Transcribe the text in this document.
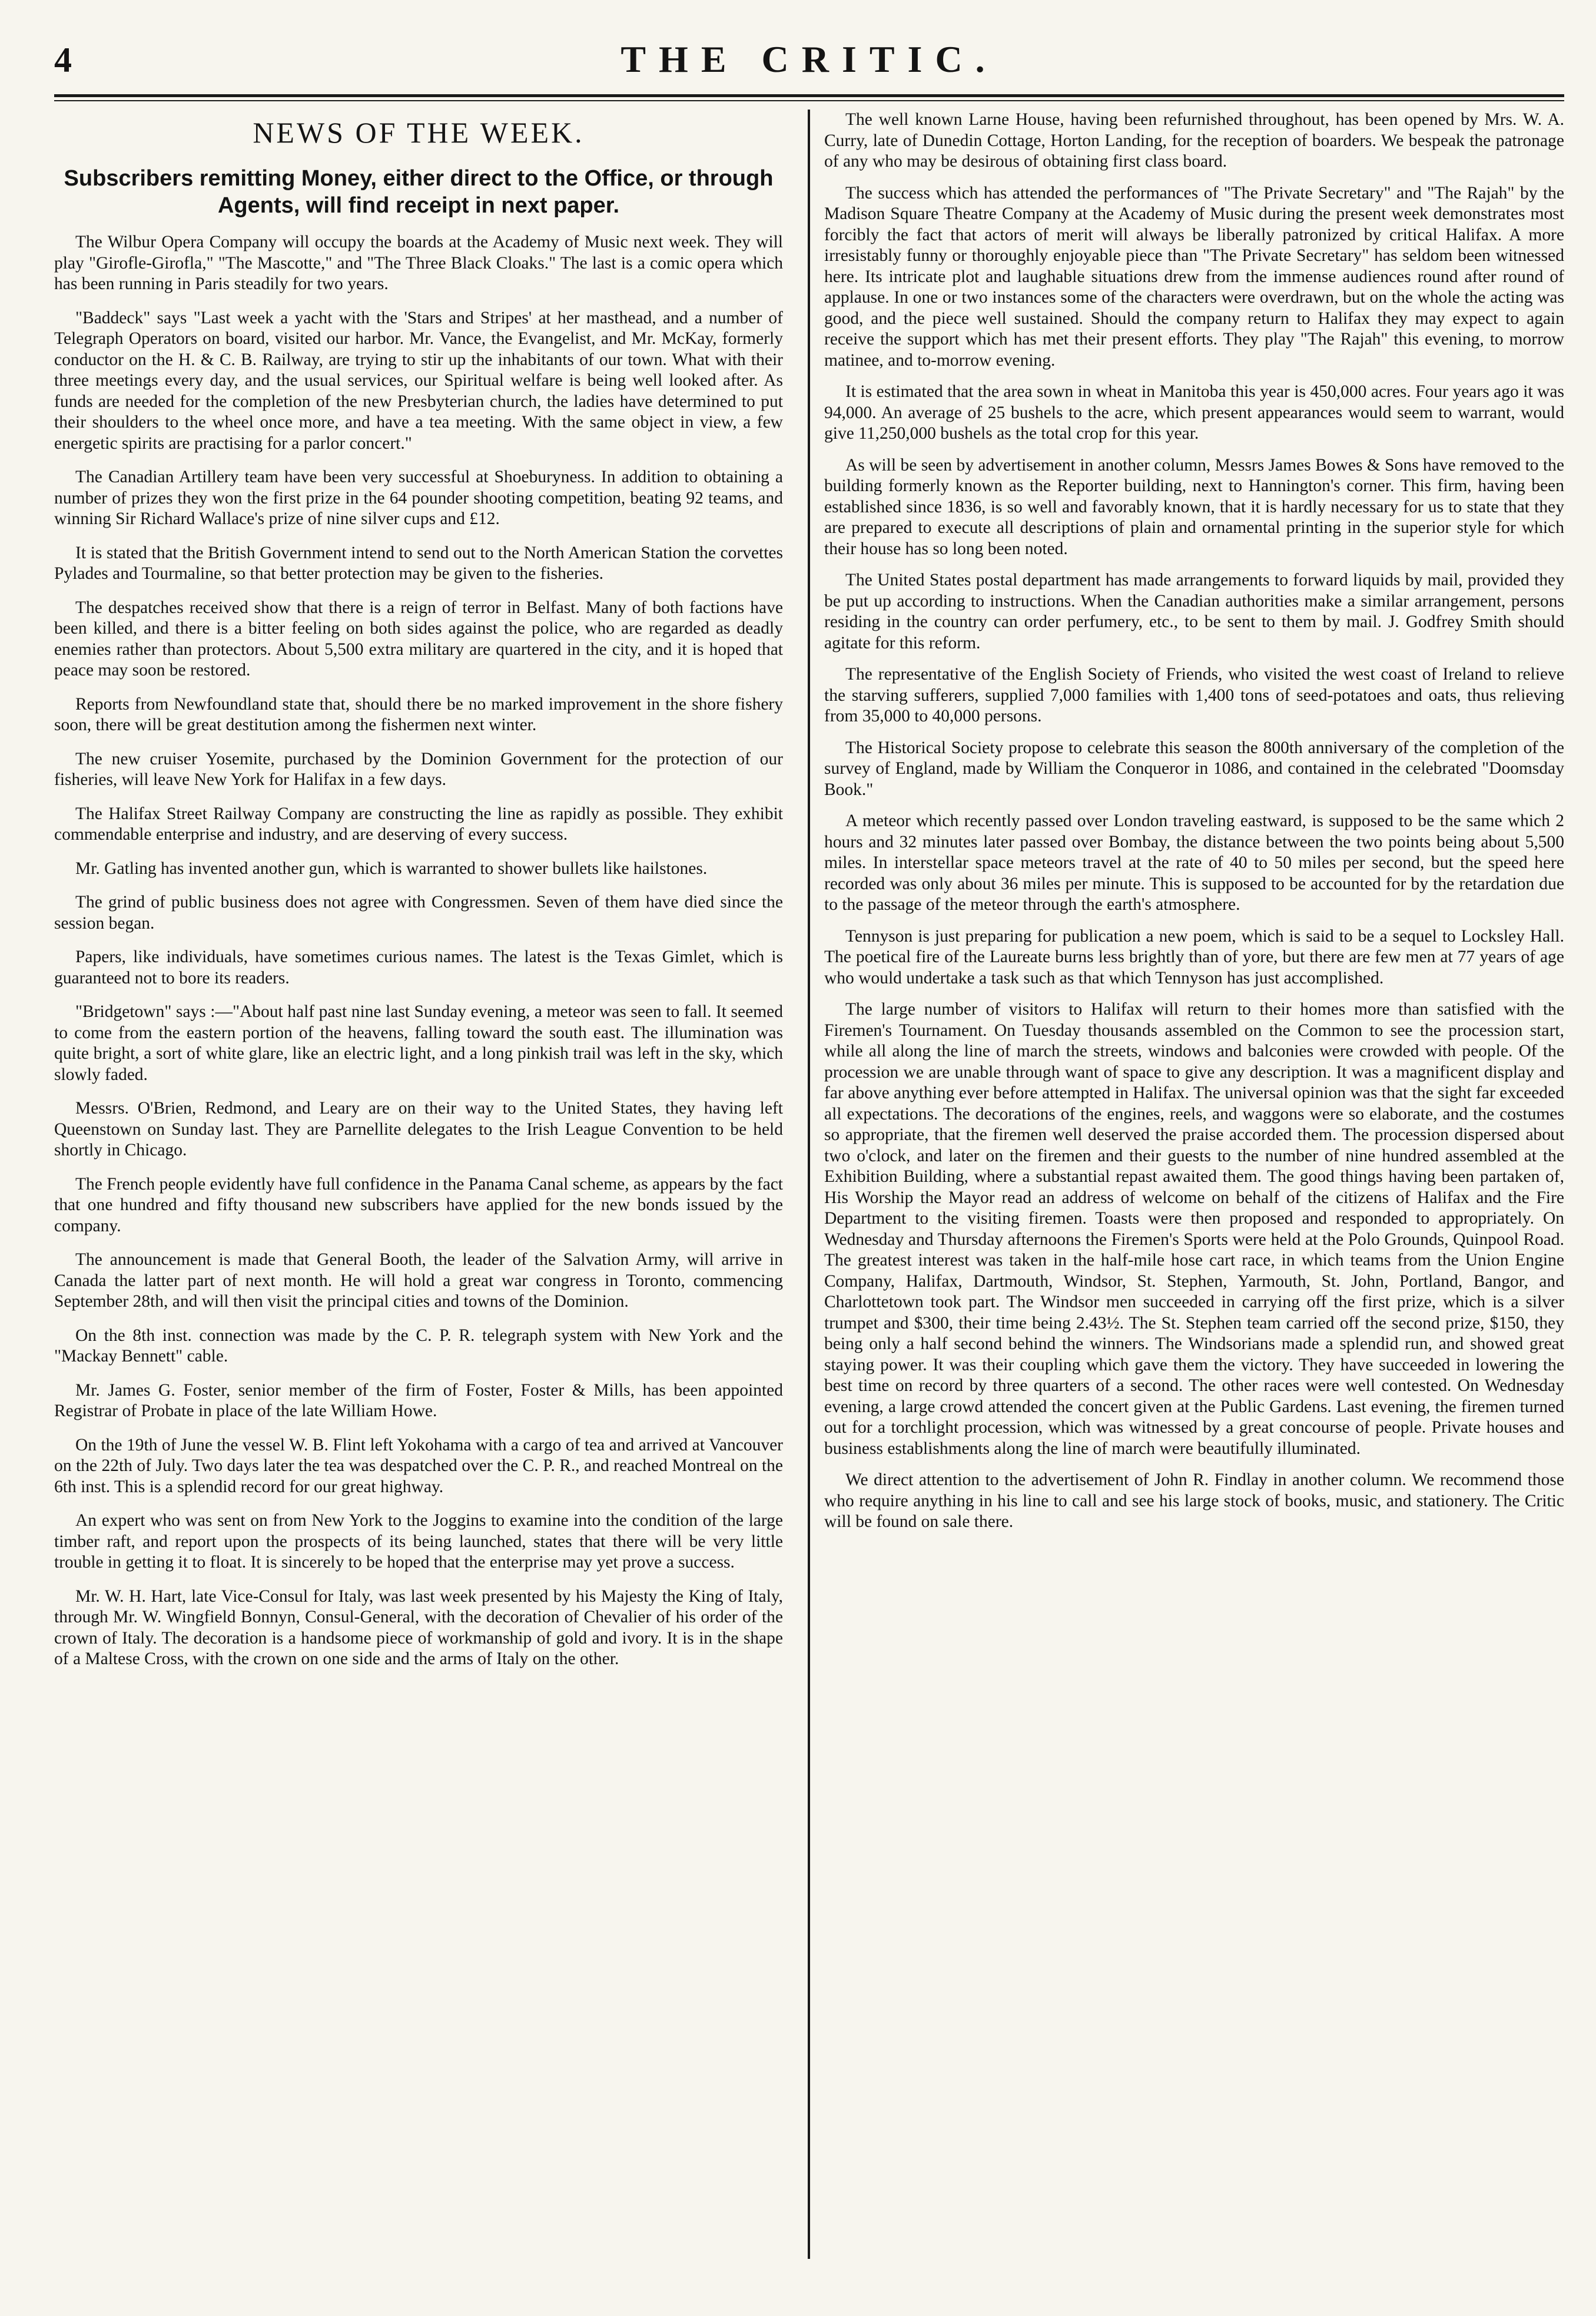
4	THE CRITIC.
NEWS OF THE WEEK.

Subscribers remitting Money, either direct to the Office, or through Agents, will find receipt in next paper.

The Wilbur Opera Company will occupy the boards at the Academy of Music next week. They will play "Girofle-Girofla," "The Mascotte," and "The Three Black Cloaks." The last is a comic opera which has been running in Paris steadily for two years.

"Baddeck" says "Last week a yacht with the 'Stars and Stripes' at her masthead, and a number of Telegraph Operators on board, visited our harbor. Mr. Vance, the Evangelist, and Mr. McKay, formerly conductor on the H. & C. B. Railway, are trying to stir up the inhabitants of our town. What with their three meetings every day, and the usual services, our Spiritual welfare is being well looked after. As funds are needed for the completion of the new Presbyterian church, the ladies have determined to put their shoulders to the wheel once more, and have a tea meeting. With the same object in view, a few energetic spirits are practising for a parlor concert."

The Canadian Artillery team have been very successful at Shoeburyness. In addition to obtaining a number of prizes they won the first prize in the 64 pounder shooting competition, beating 92 teams, and winning Sir Richard Wallace's prize of nine silver cups and £12.

It is stated that the British Government intend to send out to the North American Station the corvettes Pylades and Tourmaline, so that better protection may be given to the fisheries.

The despatches received show that there is a reign of terror in Belfast. Many of both factions have been killed, and there is a bitter feeling on both sides against the police, who are regarded as deadly enemies rather than protectors. About 5,500 extra military are quartered in the city, and it is hoped that peace may soon be restored.

Reports from Newfoundland state that, should there be no marked improvement in the shore fishery soon, there will be great destitution among the fishermen next winter.

The new cruiser Yosemite, purchased by the Dominion Government for the protection of our fisheries, will leave New York for Halifax in a few days.

The Halifax Street Railway Company are constructing the line as rapidly as possible. They exhibit commendable enterprise and industry, and are deserving of every success.

Mr. Gatling has invented another gun, which is warranted to shower bullets like hailstones.

The grind of public business does not agree with Congressmen. Seven of them have died since the session began.

Papers, like individuals, have sometimes curious names. The latest is the Texas Gimlet, which is guaranteed not to bore its readers.

"Bridgetown" says :—"About half past nine last Sunday evening, a meteor was seen to fall. It seemed to come from the eastern portion of the heavens, falling toward the south east. The illumination was quite bright, a sort of white glare, like an electric light, and a long pinkish trail was left in the sky, which slowly faded.

Messrs. O'Brien, Redmond, and Leary are on their way to the United States, they having left Queenstown on Sunday last. They are Parnellite delegates to the Irish League Convention to be held shortly in Chicago.

The French people evidently have full confidence in the Panama Canal scheme, as appears by the fact that one hundred and fifty thousand new subscribers have applied for the new bonds issued by the company.

The announcement is made that General Booth, the leader of the Salvation Army, will arrive in Canada the latter part of next month. He will hold a great war congress in Toronto, commencing September 28th, and will then visit the principal cities and towns of the Dominion.

On the 8th inst. connection was made by the C. P. R. telegraph system with New York and the "Mackay Bennett" cable.

Mr. James G. Foster, senior member of the firm of Foster, Foster & Mills, has been appointed Registrar of Probate in place of the late William Howe.

On the 19th of June the vessel W. B. Flint left Yokohama with a cargo of tea and arrived at Vancouver on the 22th of July. Two days later the tea was despatched over the C. P. R., and reached Montreal on the 6th inst. This is a splendid record for our great highway.

An expert who was sent on from New York to the Joggins to examine into the condition of the large timber raft, and report upon the prospects of its being launched, states that there will be very little trouble in getting it to float. It is sincerely to be hoped that the enterprise may yet prove a success.

Mr. W. H. Hart, late Vice-Consul for Italy, was last week presented by his Majesty the King of Italy, through Mr. W. Wingfield Bonnyn, Consul-General, with the decoration of Chevalier of his order of the crown of Italy. The decoration is a handsome piece of workmanship of gold and ivory. It is in the shape of a Maltese Cross, with the crown on one side and the arms of Italy on the other.

The well known Larne House, having been refurnished throughout, has been opened by Mrs. W. A. Curry, late of Dunedin Cottage, Horton Landing, for the reception of boarders. We bespeak the patronage of any who may be desirous of obtaining first class board.

The success which has attended the performances of "The Private Secretary" and "The Rajah" by the Madison Square Theatre Company at the Academy of Music during the present week demonstrates most forcibly the fact that actors of merit will always be liberally patronized by critical Halifax. A more irresistably funny or thoroughly enjoyable piece than "The Private Secretary" has seldom been witnessed here. Its intricate plot and laughable situations drew from the immense audiences round after round of applause. In one or two instances some of the characters were overdrawn, but on the whole the acting was good, and the piece well sustained. Should the company return to Halifax they may expect to again receive the support which has met their present efforts. They play "The Rajah" this evening, to morrow matinee, and to-morrow evening.

It is estimated that the area sown in wheat in Manitoba this year is 450,000 acres. Four years ago it was 94,000. An average of 25 bushels to the acre, which present appearances would seem to warrant, would give 11,250,000 bushels as the total crop for this year.

As will be seen by advertisement in another column, Messrs James Bowes & Sons have removed to the building formerly known as the Reporter building, next to Hannington's corner. This firm, having been established since 1836, is so well and favorably known, that it is hardly necessary for us to state that they are prepared to execute all descriptions of plain and ornamental printing in the superior style for which their house has so long been noted.

The United States postal department has made arrangements to forward liquids by mail, provided they be put up according to instructions. When the Canadian authorities make a similar arrangement, persons residing in the country can order perfumery, etc., to be sent to them by mail. J. Godfrey Smith should agitate for this reform.

The representative of the English Society of Friends, who visited the west coast of Ireland to relieve the starving sufferers, supplied 7,000 families with 1,400 tons of seed-potatoes and oats, thus relieving from 35,000 to 40,000 persons.

The Historical Society propose to celebrate this season the 800th anniversary of the completion of the survey of England, made by William the Conqueror in 1086, and contained in the celebrated "Doomsday Book."

A meteor which recently passed over London traveling eastward, is supposed to be the same which 2 hours and 32 minutes later passed over Bombay, the distance between the two points being about 5,500 miles. In interstellar space meteors travel at the rate of 40 to 50 miles per second, but the speed here recorded was only about 36 miles per minute. This is supposed to be accounted for by the retardation due to the passage of the meteor through the earth's atmosphere.

Tennyson is just preparing for publication a new poem, which is said to be a sequel to Locksley Hall. The poetical fire of the Laureate burns less brightly than of yore, but there are few men at 77 years of age who would undertake a task such as that which Tennyson has just accomplished.

The large number of visitors to Halifax will return to their homes more than satisfied with the Firemen's Tournament. On Tuesday thousands assembled on the Common to see the procession start, while all along the line of march the streets, windows and balconies were crowded with people. Of the procession we are unable through want of space to give any description. It was a magnificent display and far above anything ever before attempted in Halifax. The universal opinion was that the sight far exceeded all expectations. The decorations of the engines, reels, and waggons were so elaborate, and the costumes so appropriate, that the firemen well deserved the praise accorded them. The procession dispersed about two o'clock, and later on the firemen and their guests to the number of nine hundred assembled at the Exhibition Building, where a substantial repast awaited them. The good things having been partaken of, His Worship the Mayor read an address of welcome on behalf of the citizens of Halifax and the Fire Department to the visiting firemen. Toasts were then proposed and responded to appropriately. On Wednesday and Thursday afternoons the Firemen's Sports were held at the Polo Grounds, Quinpool Road. The greatest interest was taken in the half-mile hose cart race, in which teams from the Union Engine Company, Halifax, Dartmouth, Windsor, St. Stephen, Yarmouth, St. John, Portland, Bangor, and Charlottetown took part. The Windsor men succeeded in carrying off the first prize, which is a silver trumpet and $300, their time being 2.43½. The St. Stephen team carried off the second prize, $150, they being only a half second behind the winners. The Windsorians made a splendid run, and showed great staying power. It was their coupling which gave them the victory. They have succeeded in lowering the best time on record by three quarters of a second. The other races were well contested. On Wednesday evening, a large crowd attended the concert given at the Public Gardens. Last evening, the firemen turned out for a torchlight procession, which was witnessed by a great concourse of people. Private houses and business establishments along the line of march were beautifully illuminated.

We direct attention to the advertisement of John R. Findlay in another column. We recommend those who require anything in his line to call and see his large stock of books, music, and stationery. The Critic will be found on sale there.
